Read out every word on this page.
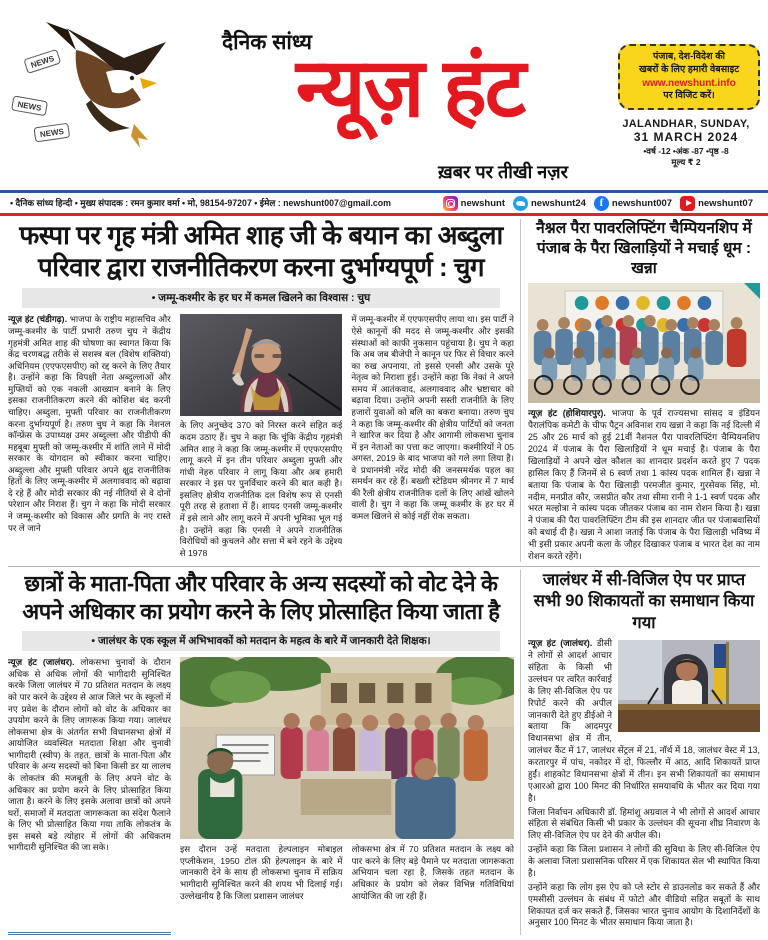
NEWS
NEWS
NEWS
दैनिक सांध्य
न्यूज़ हंट
ख़बर पर तीखी नज़र
पंजाब, देश-विदेश की
खबरों के लिए हमारी वेबसाइट
www.newshunt.info
पर विजिट करें।
JALANDHAR, SUNDAY,
31 MARCH 2024
•वर्ष -12 •अंक -87 •पृष्ठ -8
मूल्य ₹ 2
• दैनिक सांध्य हिन्दी • मुख्य संपादक : रमन कुमार वर्मा • मो, 98154-97207 • ईमेल : newshunt007@gmail.com	newshunt	newshunt24 f	newshunt007	newshunt07
फस्पा पर गृह मंत्री अमित शाह जी के बयान का अब्दुला परिवार द्वारा राजनीतिकरण करना दुर्भाग्यपूर्ण : चुग
• जम्मू-कश्मीर के हर घर में कमल खिलने का विश्वास : चुघ
न्यूज़ हंट (चंडीगढ़). भाजपा के राष्ट्रीय महासचिव और जम्मू-कश्मीर के पार्टी प्रभारी तरुण चुघ ने केंद्रीय गृहमंत्री अमित शाह की घोषणा का स्वागत किया कि केंद्र चरणबद्ध तरीके से सशस्त्र बल (विशेष शक्तियां) अधिनियम (एएफएसपीए) को रद्द करने के लिए तैयार है। उन्होंने कहा कि विपक्षी नेता अब्दुल्लाओं और मुफ्तियों को एक नकली आख्यान बनाने के लिए इसका राजनीतिकरण करने की कोशिश बंद करनी चाहिए। अब्दुला, मुफ्ती परिवार का राजनीतीकरण करना दुर्भाग्यपूर्ण है। तरुण चुघ ने कहा कि नेशनल कॉन्फ्रेंस के उपाध्यक्ष उमर अब्दुल्ला और पीडीपी की महबूबा मुफ्ती को जम्मू-कश्मीर में शांति लाने में मोदी सरकार के योगदान को स्वीकार करना चाहिए। अब्दुल्ला और मुफ्ती परिवार अपने क्षुद्र राजनीतिक हितों के लिए जम्मू-कश्मीर में अलगाववाद को बढ़ावा दे रहे हैं और मोदी सरकार की नई नीतियों से वे दोनों परेशान और निराश हैं। चुग ने कहा कि मोदी सरकार ने जम्मू-कश्मीर को विकास और प्रगति के नए रास्ते पर ले जाने
के लिए अनुच्छेद 370 को निरस्त करने सहित कई कदम उठाए हैं। चुघ ने कहा कि चूंकि केंद्रीय गृहमंत्री अमित शाह ने कहा कि जम्मू-कश्मीर में एएफएसपीए लागू करने में इन तीन परिवार अब्दुला मुफ्ती और गांधी नेहरु परिवार ने लागू किया और अब हमारी सरकार ने इस पर पुनर्विचार करने की बात कही है। इसलिए क्षेत्रीय राजनीतिक दल विशेष रूप से एनसी पूरी तरह से हताशा में हैं। शायद एनसी जम्मू-कश्मीर में इसे लाने और लागू करने में अपनी भूमिका भूल गई है। उन्होंने कहा कि एनसी ने अपने राजनीतिक विरोधियों को कुचलने और सत्ता में बने रहने के उद्देश्य से 1978
में जम्मू-कश्मीर में एएफएसपीए लाया था। इस पार्टी ने ऐसे कानूनों की मदद से जम्मू-कश्मीर और इसकी संस्थाओं को काफी नुकसान पहुंचाया है। चुघ ने कहा कि अब जब बीजेपी ने कानून पर फिर से विचार करने का रुख अपनाया, तो इससे एनसी और उसके पूरे नेतृत्व को निराशा हुई। उन्होंने कहा कि नेकां ने अपने समय में आतंकवाद, अलगाववाद और भ्रष्टाचार को बढ़ावा दिया। उन्होंने अपनी सस्ती राजनीति के लिए हजारों युवाओं को बलि का बकरा बनाया। तरुण चुघ ने कहा कि जम्मू-कश्मीर की क्षेत्रीय पार्टियों को जनता ने खारिज कर दिया है और आगामी लोकसभा चुनाव में इन नेताओं का पत्ता कट जाएगा। कश्मीरियों ने 05 अगस्त, 2019 के बाद भाजपा को गले लगा लिया है। वे प्रधानमंत्री नरेंद्र मोदी की जनसमर्थक पहल का समर्थन कर रहे हैं। बख्शी स्टेडियम श्रीनगर में 7 मार्च की रैली क्षेत्रीय राजनीतिक दलों के लिए आंखें खोलने वाली है। चुग ने कहा कि जम्मू कश्मीर के हर घर में कमल खिलने से कोई नहीं रोक सकता।
नैश्नल पैरा पावरलिफ्टिंग चैम्पियनशिप में पंजाब के पैरा खिलाड़ियों ने मचाई धूम : खन्ना
न्यूज़ हंट (होशियारपुर). भाजपा के पूर्व राज्यसभा सांसद व इंडियन पैरालंपिक कमेटी के चीफ पैट्रन अविनाश राय खन्ना ने कहा कि नई दिल्ली में 25 और 26 मार्च को हुई 21वीं नैशनल पैरा पावरलिफ्टिंग चैम्पियनशिप 2024 में पंजाब के पैरा खिलाड़ियों ने धूम मचाई है। पंजाब के पैरा खिलाड़ियों ने अपने खेल कौशल का शानदार प्रदर्शन करते हुए 7 पदक हासिल किए हैं जिनमें से 6 स्वर्ण तथा 1 कांस्य पदक शामिल हैं। खन्ना ने बताया कि पंजाब के पैरा खिलाड़ी परमजीत कुमार, गुरसेवक सिंह, मो. नदीम, मनप्रीत कौर, जसप्रीत कौर तथा सीमा रानी ने 1-1 स्वर्ण पदक और भरत मल्होत्रा ने कांस्य पदक जीतकर पंजाब का नाम रोशन किया है। खन्ना ने पंजाब की पैरा पावरलिफ्टिंग टीम की इस शानदार जीत पर पंजाबवासियों को बधाई दी है। खन्ना ने आशा जताई कि पंजाब के पैरा खिलाड़ी भविष्य में भी इसी प्रकार अपनी कला के जौहर दिखाकर पंजाब व भारत देश का नाम रोशन करते रहेंगे।
छात्रों के माता-पिता और परिवार के अन्य सदस्यों को वोट देने के अपने अधिकार का प्रयोग करने के लिए प्रोत्साहित किया जाता है
• जालंधर के एक स्कूल में अभिभावकों को मतदान के महत्व के बारे में जानकारी देते शिक्षक।
न्यूज़ हंट (जालंधर). लोकसभा चुनावों के दौरान अधिक से अधिक लोगों की भागीदारी सुनिश्चित करके जिला जालंधर में 70 प्रतिशत मतदान के लक्ष्य को पार करने के उद्देश्य से आज जिले भर के स्कूलों में नए प्रवेश के दौरान लोगों को वोट के अधिकार का उपयोग करने के लिए जागरूक किया गया। जालंधर लोकसभा क्षेत्र के अंतर्गत सभी विधानसभा क्षेत्रों में आयोजित व्यवस्थित मतदाता शिक्षा और चुनावी भागीदारी (स्वीप) के तहत, छात्रों के माता-पिता और परिवार के अन्य सदस्यों को बिना किसी डर या लालच के लोकतंत्र की मजबूती के लिए अपने वोट के अधिकार का प्रयोग करने के लिए प्रोत्साहित किया जाता है। करने के लिए इसके अलावा छात्रों को अपने घरों, समाजों में मतदाता जागरूकता का संदेश फैलाने के लिए भी प्रोत्साहित किया गया ताकि लोकतंत्र के इस सबसे बड़े त्योहार में लोगों की अधिकतम भागीदारी सुनिश्चित की जा सके।	इस दौरान उन्हें मतदाता हेल्पलाइन मोबाइल एप्लीकेशन, 1950 टोल फ्री हेल्पलाइन के बारे में जानकारी देने के साथ ही लोकसभा चुनाव में सक्रिय भागीदारी सुनिश्चित करने की शपथ भी दिलाई गई। उल्लेखनीय है कि जिला प्रशासन जालंधर
लोकसभा क्षेत्र में 70 प्रतिशत मतदान के लक्ष्य को पार करने के लिए बड़े पैमाने पर मतदाता जागरूकता अभियान चला रहा है, जिसके तहत मतदान के अधिकार के प्रयोग को लेकर विभिन्न गतिविधियां आयोजित की जा रही हैं।
जालंधर में सी-विजिल ऐप पर प्राप्त सभी 90 शिकायतों का समाधान किया गया

न्यूज़ हंट (जालंधर). डीसी ने लोगों से आदर्श आचार संहिता के किसी भी उल्लंघन पर त्वरित कार्रवाई के लिए सी-विजिल ऐप पर रिपोर्ट करने की अपील जानकारी देते हुए डीईओ ने बताया कि आदमपुर विधानसभा क्षेत्र में तीन, जालंधर कैंट में 17, जालंधर सेंट्रल में 21, नॉर्थ में 18, जालंधर वेस्ट में 13, करतारपुर में पांच, नकोदर में दो, फिल्लौर में आठ, आदि शिकायतें प्राप्त हुईं। शाहकोट विधानसभा क्षेत्रों में तीन। इन सभी शिकायतों का समाधान एआरओ द्वारा 100 मिनट की निर्धारित समयावधि के भीतर कर दिया गया है।

जिला निर्वाचन अधिकारी डॉ. हिमांशु अग्रवाल ने भी लोगों से आदर्श आचार संहिता से संबंधित किसी भी प्रकार के उल्लंघन की सूचना शीघ्र निवारण के लिए सी-विजिल ऐप पर देने की अपील की।

उन्होंने कहा कि जिला प्रशासन ने लोगों की सुविधा के लिए सी-विजिल ऐप के अलावा जिला प्रशासनिक परिसर में एक शिकायत सेल भी स्थापित किया है।

उन्होंने कहा कि लोग इस ऐप को प्ले स्टोर से डाउनलोड कर सकते हैं और एमसीसी उल्लंघन के संबंध में फोटो और वीडियो सहित सबूतों के साथ शिकायत दर्ज कर सकते हैं, जिसका भारत चुनाव आयोग के दिशानिर्देशों के अनुसार 100 मिनट के भीतर समाधान किया जाता है।
